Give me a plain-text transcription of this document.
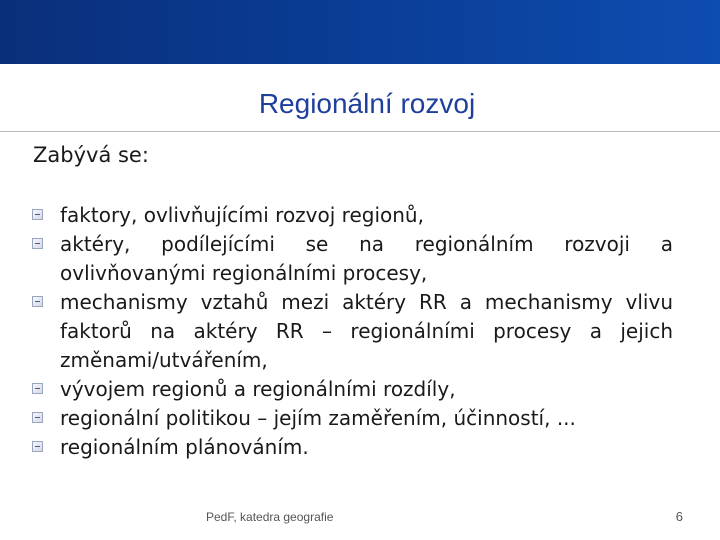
Regionální rozvoj
Zabývá se:
faktory, ovlivňujícími rozvoj regionů,
aktéry, podílejícími se na regionálním rozvoji a ovlivňovanými regionálními procesy,
mechanismy vztahů mezi aktéry RR a mechanismy vlivu faktorů na aktéry RR – regionálními procesy a jejich změnami/utvářením,
vývojem regionů a regionálními rozdíly,
regionální politikou – jejím zaměřením, účinností, ...
regionálním plánováním.
PedF, katedra geografie	6
